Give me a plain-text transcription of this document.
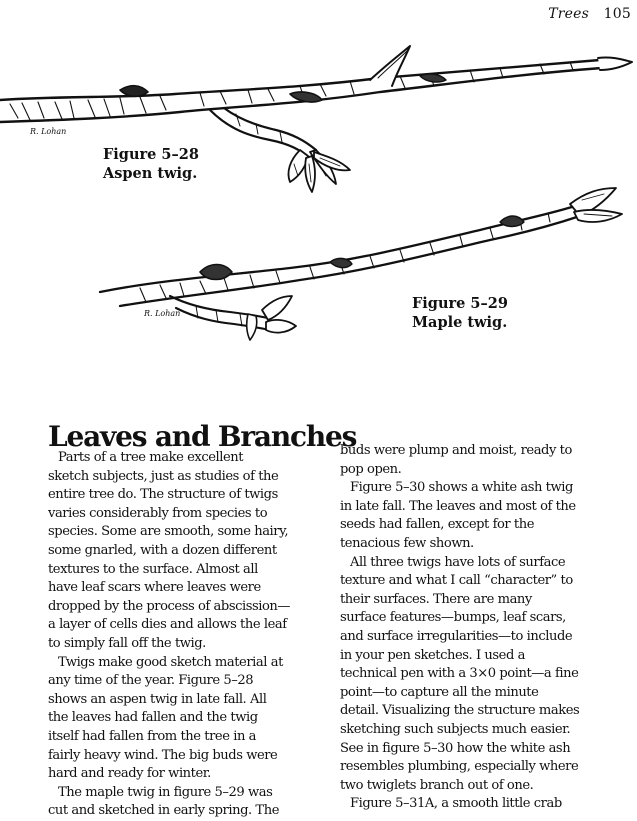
Trees 105
R. Lohan
R. Lohan
Figure 5–28
Aspen twig.
Figure 5–29
Maple twig.
Leaves and Branches
Parts of a tree make excellent
sketch subjects, just as studies of the
entire tree do. The structure of twigs
varies considerably from species to
species. Some are smooth, some hairy,
some gnarled, with a dozen different
textures to the surface. Almost all
have leaf scars where leaves were
dropped by the process of abscission—
a layer of cells dies and allows the leaf
to simply fall off the twig.
Twigs make good sketch material at
any time of the year. Figure 5–28
shows an aspen twig in late fall. All
the leaves had fallen and the twig
itself had fallen from the tree in a
fairly heavy wind. The big buds were
hard and ready for winter.
The maple twig in figure 5–29 was
cut and sketched in early spring. The
buds were plump and moist, ready to
pop open.
Figure 5–30 shows a white ash twig
in late fall. The leaves and most of the
seeds had fallen, except for the
tenacious few shown.
All three twigs have lots of surface
texture and what I call “character” to
their surfaces. There are many
surface features—bumps, leaf scars,
and surface irregularities—to include
in your pen sketches. I used a
technical pen with a 3×0 point—a fine
point—to capture all the minute
detail. Visualizing the structure makes
sketching such subjects much easier.
See in figure 5–30 how the white ash
resembles plumbing, especially where
two twiglets branch out of one.
Figure 5–31A, a smooth little crab
